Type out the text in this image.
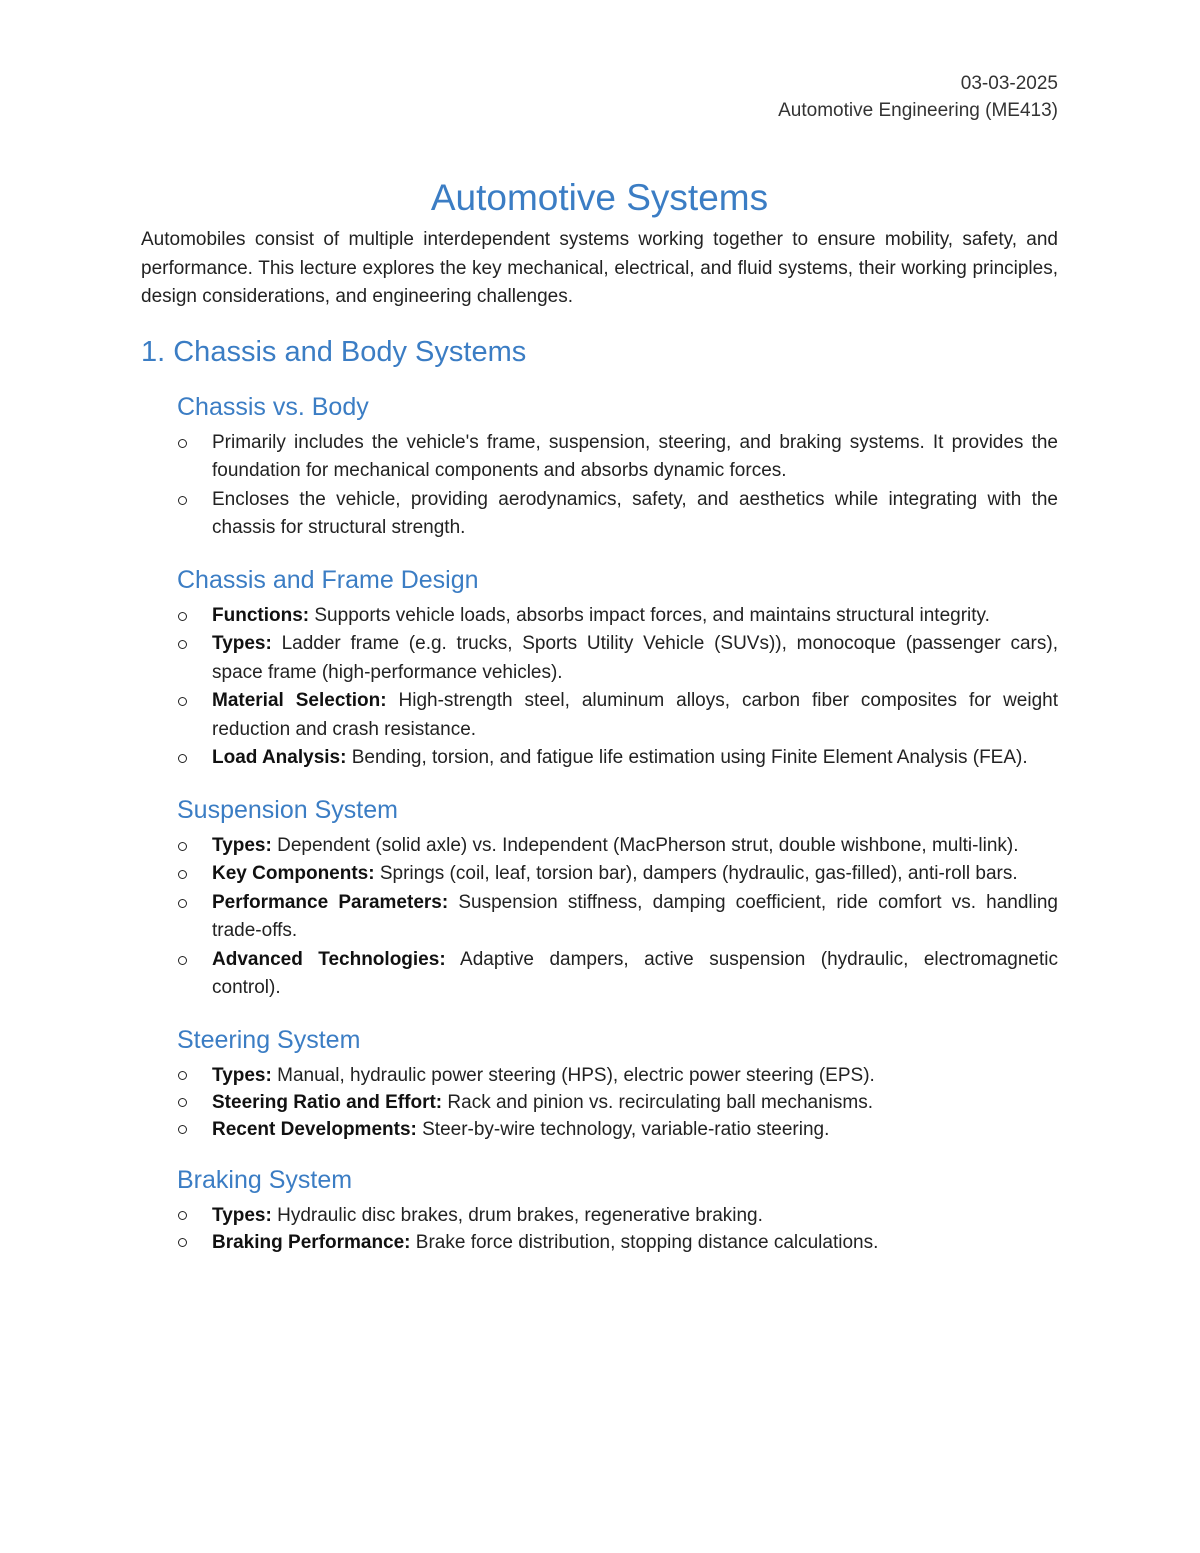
03-03-2025
Automotive Engineering (ME413)
Automotive Systems

Automobiles consist of multiple interdependent systems working together to ensure mobility, safety, and performance. This lecture explores the key mechanical, electrical, and fluid systems, their working principles, design considerations, and engineering challenges.

1. Chassis and Body Systems
Chassis vs. Body
Primarily includes the vehicle's frame, suspension, steering, and braking systems. It provides the foundation for mechanical components and absorbs dynamic forces.
Encloses the vehicle, providing aerodynamics, safety, and aesthetics while integrating with the chassis for structural strength.
Chassis and Frame Design
Functions: Supports vehicle loads, absorbs impact forces, and maintains structural integrity.
Types: Ladder frame (e.g. trucks, Sports Utility Vehicle (SUVs)), monocoque (passenger cars), space frame (high-performance vehicles).
Material Selection: High-strength steel, aluminum alloys, carbon fiber composites for weight reduction and crash resistance.
Load Analysis: Bending, torsion, and fatigue life estimation using Finite Element Analysis (FEA).
Suspension System
Types: Dependent (solid axle) vs. Independent (MacPherson strut, double wishbone, multi-link).
Key Components: Springs (coil, leaf, torsion bar), dampers (hydraulic, gas-filled), anti-roll bars.
Performance Parameters: Suspension stiffness, damping coefficient, ride comfort vs. handling trade-offs.
Advanced Technologies: Adaptive dampers, active suspension (hydraulic, electromagnetic control).
Steering System
Types: Manual, hydraulic power steering (HPS), electric power steering (EPS).
Steering Ratio and Effort: Rack and pinion vs. recirculating ball mechanisms.
Recent Developments: Steer-by-wire technology, variable-ratio steering.
Braking System
Types: Hydraulic disc brakes, drum brakes, regenerative braking.
Braking Performance: Brake force distribution, stopping distance calculations.
